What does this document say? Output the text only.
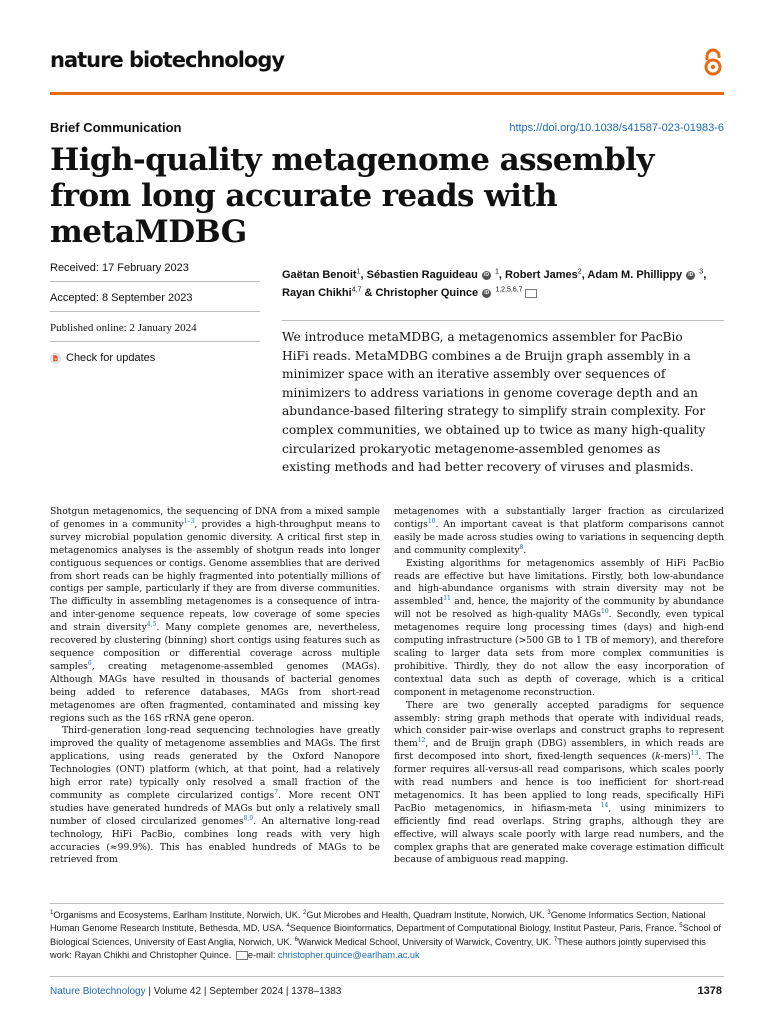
nature biotechnology
Brief Communication	https://doi.org/10.1038/s41587-023-01983-6
High-quality metagenome assembly from long accurate reads with metaMDBG
Received: 17 February 2023
Accepted: 8 September 2023
Published online: 2 January 2024
Check for updates
Gaëtan Benoit$^1$, Sébastien Raguideau iD $^1$, Robert James$^2$, Adam M. Phillippy iD $^3$, Rayan Chikhi$^{4,7}$ & Christopher Quince iD $^{1,2,5,6,7}$

We introduce metaMDBG, a metagenomics assembler for PacBio HiFi reads. MetaMDBG combines a de Bruijn graph assembly in a minimizer space with an iterative assembly over sequences of minimizers to address variations in genome coverage depth and an abundance-based filtering strategy to simplify strain complexity. For complex communities, we obtained up to twice as many high-quality circularized prokaryotic metagenome-assembled genomes as existing methods and had better recovery of viruses and plasmids.

Shotgun metagenomics, the sequencing of DNA from a mixed sample of genomes in a community$^{1-3}$, provides a high-throughput means to survey microbial population genomic diversity. A critical first step in metagenomics analyses is the assembly of shotgun reads into longer contiguous sequences or contigs. Genome assemblies that are derived from short reads can be highly fragmented into potentially millions of contigs per sample, particularly if they are from diverse communities. The difficulty in assembling metagenomes is a consequence of intra- and inter-genome sequence repeats, low coverage of some species and strain diversity$^{4,5}$. Many complete genomes are, nevertheless, recovered by clustering (binning) short contigs using features such as sequence composition or differential coverage across multiple samples$^6$, creating metagenome-assembled genomes (MAGs). Although MAGs have resulted in thousands of bacterial genomes being added to reference databases, MAGs from short-read metagenomes are often fragmented, contaminated and missing key regions such as the 16S rRNA gene operon.

Third-generation long-read sequencing technologies have greatly improved the quality of metagenome assemblies and MAGs. The first applications, using reads generated by the Oxford Nanopore Technologies (ONT) platform (which, at that point, had a relatively high error rate) typically only resolved a small fraction of the community as complete circularized contigs$^7$. More recent ONT studies have generated hundreds of MAGs but only a relatively small number of closed circularized genomes$^{8,9}$. An alternative long-read technology, HiFi PacBio, combines long reads with very high accuracies (≈99.9%). This has enabled hundreds of MAGs to be retrieved from

metagenomes with a substantially larger fraction as circularized contigs$^{10}$. An important caveat is that platform comparisons cannot easily be made across studies owing to variations in sequencing depth and community complexity$^8$.

Existing algorithms for metagenomics assembly of HiFi PacBio reads are effective but have limitations. Firstly, both low-abundance and high-abundance organisms with strain diversity may not be assembled$^{11}$ and, hence, the majority of the community by abundance will not be resolved as high-quality MAGs$^{10}$. Secondly, even typical metagenomes require long processing times (days) and high-end computing infrastructure (>500 GB to 1 TB of memory), and therefore scaling to larger data sets from more complex communities is prohibitive. Thirdly, they do not allow the easy incorporation of contextual data such as depth of coverage, which is a critical component in metagenome reconstruction.

There are two generally accepted paradigms for sequence assembly: string graph methods that operate with individual reads, which consider pair-wise overlaps and construct graphs to represent them$^{12}$, and de Bruijn graph (DBG) assemblers, in which reads are first decomposed into short, fixed-length sequences (k-mers)$^{13}$. The former requires all-versus-all read comparisons, which scales poorly with read numbers and hence is too inefficient for short-read metagenomics. It has been applied to long reads, specifically HiFi PacBio metagenomics, in hifiasm-meta $^{14}$, using minimizers to efficiently find read overlaps. String graphs, although they are effective, will always scale poorly with large read numbers, and the complex graphs that are generated make coverage estimation difficult because of ambiguous read mapping.

$^1$Organisms and Ecosystems, Earlham Institute, Norwich, UK. $^2$Gut Microbes and Health, Quadram Institute, Norwich, UK. $^3$Genome Informatics Section, National Human Genome Research Institute, Bethesda, MD, USA. $^4$Sequence Bioinformatics, Department of Computational Biology, Institut Pasteur, Paris, France. $^5$School of Biological Sciences, University of East Anglia, Norwich, UK. $^6$Warwick Medical School, University of Warwick, Coventry, UK. $^7$These authors jointly supervised this work: Rayan Chikhi and Christopher Quince. e-mail: christopher.quince@earlham.ac.uk

Nature Biotechnology | Volume 42 | September 2024 | 1378–1383	1378
